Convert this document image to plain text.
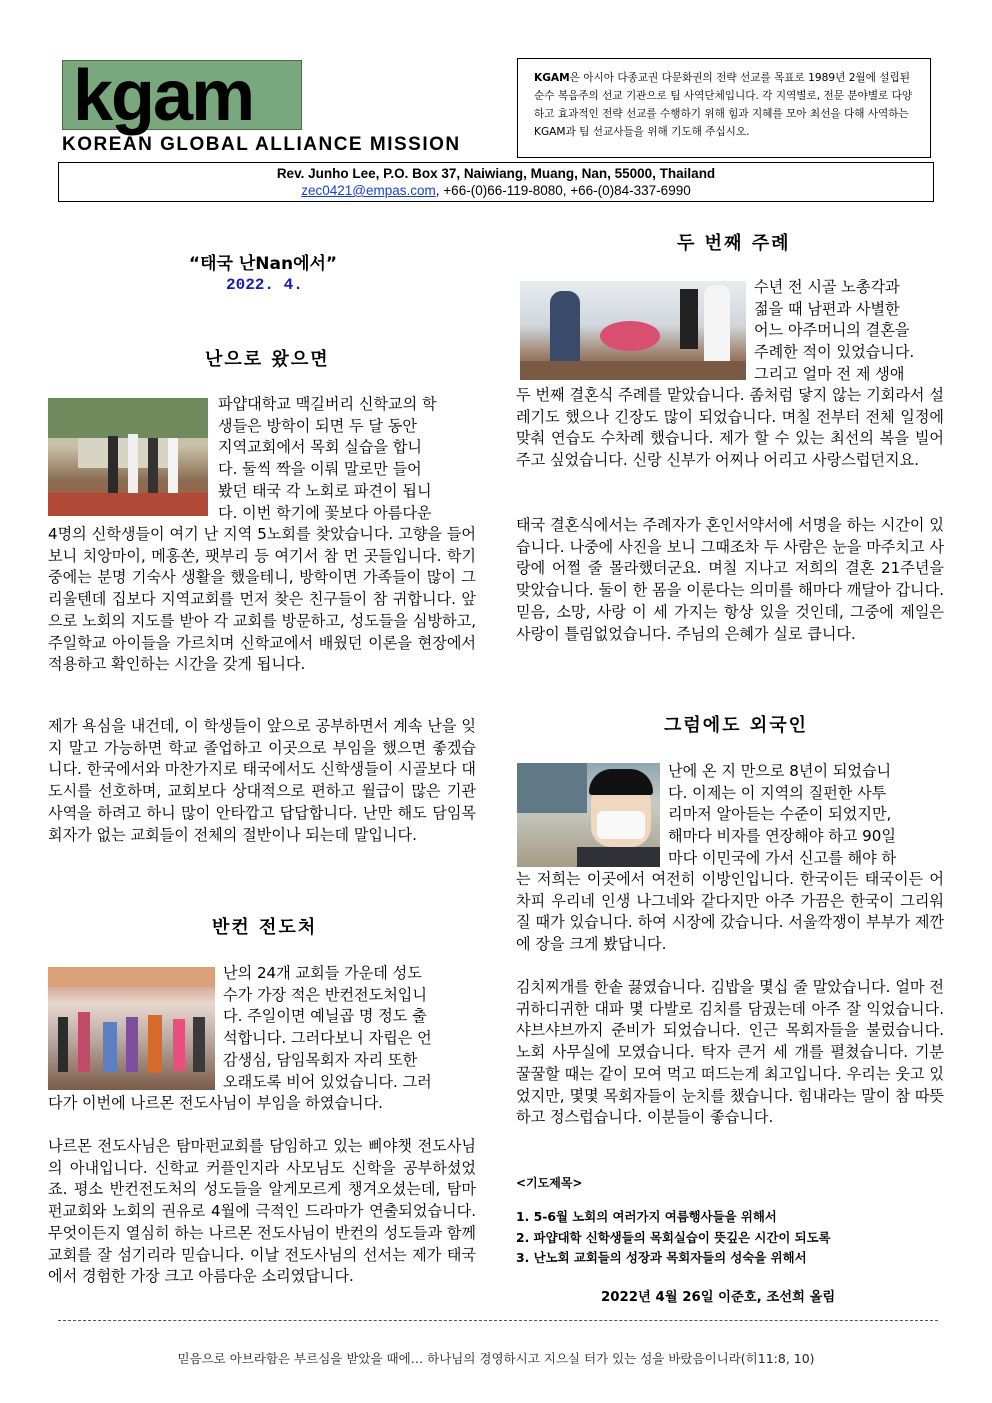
kgam
KOREAN GLOBAL ALLIANCE MISSION
KGAM은 아시아 다종교권 다문화권의 전략 선교를 목표로 1989년 2월에 설립된 순수 복음주의 선교 기관으로 팀 사역단체입니다. 각 지역별로, 전문 분야별로 다양하고 효과적인 전략 선교를 수행하기 위해 힘과 지혜를 모아 최선을 다해 사역하는 KGAM과 팀 선교사들을 위해 기도해 주십시오.
Rev. Junho Lee, P.O. Box 37, Naiwiang, Muang, Nan, 55000, Thailand
zec0421@empas.com, +66-(0)66-119-8080, +66-(0)84-337-6990
“태국 난Nan에서”
2022. 4.
난으로 왔으면
파얍대학교 맥길버리 신학교의 학
생들은 방학이 되면 두 달 동안
지역교회에서 목회 실습을 합니
다. 둘씩 짝을 이뤄 말로만 들어
봤던 태국 각 노회로 파견이 됩니
다. 이번 학기에 꽃보다 아름다운
4명의 신학생들이 여기 난 지역 5노회를 찾았습니다. 고향을 들어보니 치앙마이, 메홍쏜, 팻부리 등 여기서 참 먼 곳들입니다. 학기 중에는 분명 기숙사 생활을 했을테니, 방학이면 가족들이 많이 그리울텐데 집보다 지역교회를 먼저 찾은 친구들이 참 귀합니다. 앞으로 노회의 지도를 받아 각 교회를 방문하고, 성도들을 심방하고, 주일학교 아이들을 가르치며 신학교에서 배웠던 이론을 현장에서 적용하고 확인하는 시간을 갖게 됩니다.
제가 욕심을 내건데, 이 학생들이 앞으로 공부하면서 계속 난을 잊지 말고 가능하면 학교 졸업하고 이곳으로 부임을 했으면 좋겠습니다. 한국에서와 마찬가지로 태국에서도 신학생들이 시골보다 대도시를 선호하며, 교회보다 상대적으로 편하고 월급이 많은 기관사역을 하려고 하니 많이 안타깝고 답답합니다. 난만 해도 담임목회자가 없는 교회들이 전체의 절반이나 되는데 말입니다.
반컨 전도처
난의 24개 교회들 가운데 성도
수가 가장 적은 반컨전도처입니
다. 주일이면 예닐곱 명 정도 출
석합니다. 그러다보니 자립은 언
감생심, 담임목회자 자리 또한
오래도록 비어 있었습니다. 그러
다가 이번에 나르몬 전도사님이 부임을 하였습니다.
나르몬 전도사님은 탐마펀교회를 담임하고 있는 삐야챗 전도사님의 아내입니다. 신학교 커플인지라 사모님도 신학을 공부하셨었죠. 평소 반컨전도처의 성도들을 알게모르게 챙겨오셨는데, 탐마펀교회와 노회의 권유로 4월에 극적인 드라마가 연출되었습니다. 무엇이든지 열심히 하는 나르몬 전도사님이 반컨의 성도들과 함께 교회를 잘 섬기리라 믿습니다. 이날 전도사님의 선서는 제가 태국에서 경험한 가장 크고 아름다운 소리였답니다.
두 번째 주례
수년 전 시골 노총각과
젊을 때 남편과 사별한
어느 아주머니의 결혼을
주례한 적이 있었습니다.
그리고 얼마 전 제 생애
두 번째 결혼식 주례를 맡았습니다. 좀처럼 닿지 않는 기회라서 설레기도 했으나 긴장도 많이 되었습니다. 며칠 전부터 전체 일정에 맞춰 연습도 수차례 했습니다. 제가 할 수 있는 최선의 복을 빌어주고 싶었습니다. 신랑 신부가 어찌나 어리고 사랑스럽던지요.
태국 결혼식에서는 주례자가 혼인서약서에 서명을 하는 시간이 있습니다. 나중에 사진을 보니 그때조차 두 사람은 눈을 마주치고 사랑에 어쩔 줄 몰라했더군요. 며칠 지나고 저희의 결혼 21주년을 맞았습니다. 둘이 한 몸을 이룬다는 의미를 해마다 깨달아 갑니다. 믿음, 소망, 사랑 이 세 가지는 항상 있을 것인데, 그중에 제일은 사랑이 틀림없었습니다. 주님의 은혜가 실로 큽니다.
그럼에도 외국인
난에 온 지 만으로 8년이 되었습니
다. 이제는 이 지역의 질펀한 사투
리마저 알아듣는 수준이 되었지만,
해마다 비자를 연장해야 하고 90일
마다 이민국에 가서 신고를 해야 하
는 저희는 이곳에서 여전히 이방인입니다. 한국이든 태국이든 어차피 우리네 인생 나그네와 같다지만 아주 가끔은 한국이 그리워질 때가 있습니다. 하여 시장에 갔습니다. 서울깍쟁이 부부가 제깐에 장을 크게 봤답니다.
김치찌개를 한솥 끓였습니다. 김밥을 몇십 줄 말았습니다. 얼마 전 귀하디귀한 대파 몇 다발로 김치를 담궜는데 아주 잘 익었습니다. 샤브샤브까지 준비가 되었습니다. 인근 목회자들을 불렀습니다. 노회 사무실에 모였습니다. 탁자 큰거 세 개를 펼쳤습니다. 기분 꿀꿀할 때는 같이 모여 먹고 떠드는게 최고입니다. 우리는 웃고 있었지만, 몇몇 목회자들이 눈치를 챘습니다. 힘내라는 말이 참 따뜻하고 정스럽습니다. 이분들이 좋습니다.
<기도제목>
1. 5-6월 노회의 여러가지 여름행사들을 위해서
2. 파얍대학 신학생들의 목회실습이 뜻깊은 시간이 되도록
3. 난노회 교회들의 성장과 목회자들의 성숙을 위해서
2022년 4월 26일 이준호, 조선희 올림
믿음으로 아브라함은 부르심을 받았을 때에… 하나님의 경영하시고 지으실 터가 있는 성을 바랐음이니라(히11:8, 10)
